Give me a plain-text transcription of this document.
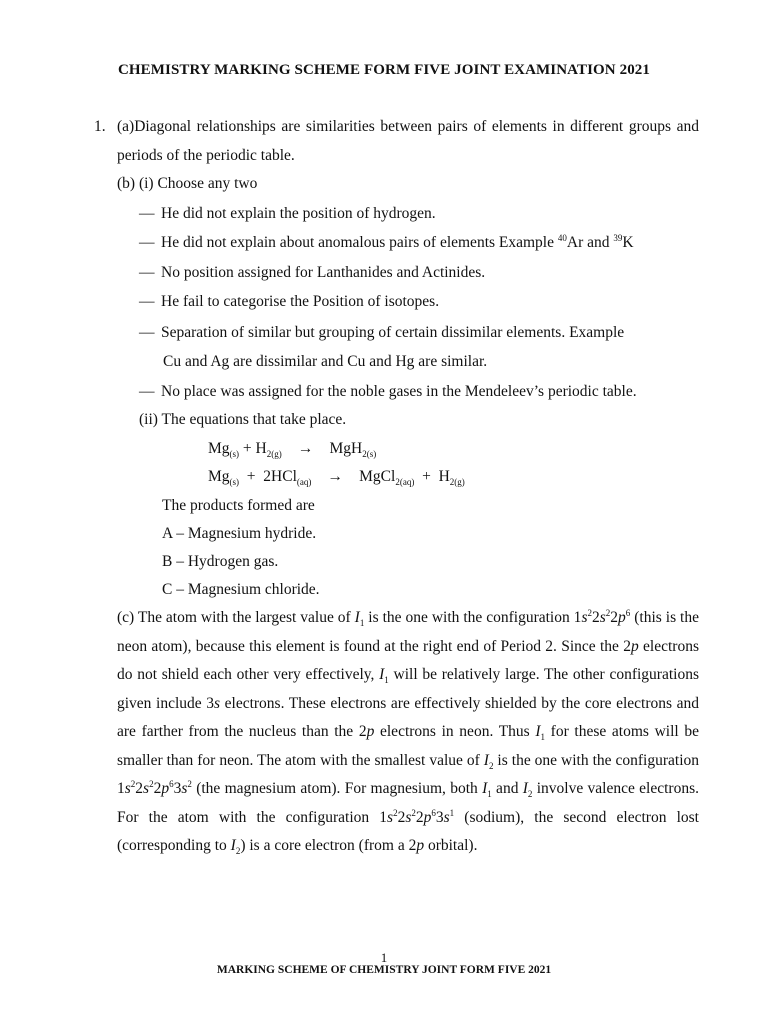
CHEMISTRY MARKING SCHEME FORM FIVE JOINT EXAMINATION 2021
1. (a)Diagonal relationships are similarities between pairs of elements in different groups and periods of the periodic table.
(b) (i) Choose any two
— He did not explain the position of hydrogen.
— He did not explain about anomalous pairs of elements Example $^{40}$Ar and $^{39}$K
— No position assigned for Lanthanides and Actinides.
— He fail to categorise the Position of isotopes.
— Separation of similar but grouping of certain dissimilar elements. Example
Cu and Ag are dissimilar and Cu and Hg are similar.
— No place was assigned for the noble gases in the Mendeleev’s periodic table.
(ii) The equations that take place.
$Mg_{(s)} + H_{2(g)} \to MgH_{2(s)}$
$Mg_{(s)} + 2HCl_{(aq)}$ → MgCl$_{2(aq)}$  +  $H_{2(g)}$
The products formed are
A – Magnesium hydride.
B – Hydrogen gas.
C – Magnesium chloride.
(c) The atom with the largest value of $I_1$ is the one with the configuration $1s^22s^22p^6$ (this is the neon atom), because this element is found at the right end of Period 2. Since the 2p electrons do not shield each other very effectively, $I_1$ will be relatively large. The other configurations given include 3s electrons. These electrons are effectively shielded by the core electrons and are farther from the nucleus than the 2p electrons in neon. Thus $I_1$ for these atoms will be smaller than for neon. The atom with the smallest value of $I_2$ is the one with the configuration $1s^22s^22p^63s^2$ (the magnesium atom). For magnesium, both $I_1$ and $I_2$ involve valence electrons. For the atom with the configuration $1s^22s^22p^63s^1$ (sodium), the second electron lost (corresponding to $I_2$) is a core electron (from a 2p orbital).
1
MARKING SCHEME OF CHEMISTRY JOINT FORM FIVE 2021
